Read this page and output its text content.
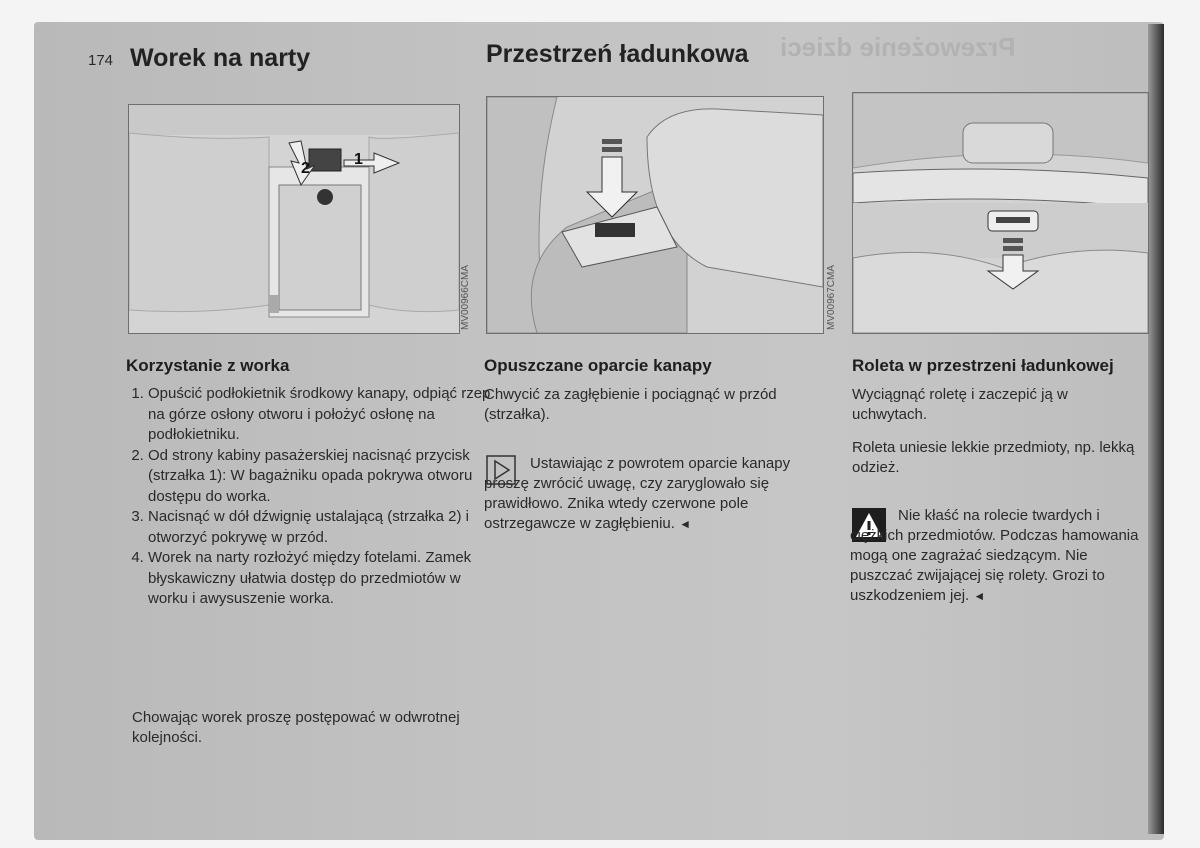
Przewożenie dzieci
174 Worek na narty	Przestrzeń ładunkowa
1
2
MV00966CMA	MV00967CMA
Korzystanie z worka
1. Opuścić podłokietnik środkowy kanapy, odpiąć rzep na górze osłony otworu i położyć osłonę na podłokietniku.
2. Od strony kabiny pasażerskiej nacisnąć przycisk (strzałka 1): W bagażniku opada pokrywa otworu dostępu do worka.
3. Nacisnąć w dół dźwignię ustalającą (strzałka 2) i otworzyć pokrywę w przód.
4. Worek na narty rozłożyć między fotelami. Zamek błyskawiczny ułatwia dostęp do przedmiotów w worku i awysuszenie worka.

Chowając worek proszę postępować w odwrotnej kolejności.

Opuszczane oparcie kanapy

Chwycić za zagłębienie i pociągnąć w przód (strzałka).

Ustawiając z powrotem oparcie kanapy proszę zwrócić uwagę, czy zaryglowało się prawidłowo. Znika wtedy czerwone pole ostrzegawcze w zagłębieniu. ◄

Roleta w przestrzeni ładunkowej

Wyciągnąć roletę i zaczepić ją w uchwytach.

Roleta uniesie lekkie przedmioty, np. lekką odzież.

Nie kłaść na rolecie twardych i ciężkich przedmiotów. Podczas hamowania mogą one zagrażać siedzącym. Nie puszczać zwijającej się rolety. Grozi to uszkodzeniem jej. ◄
